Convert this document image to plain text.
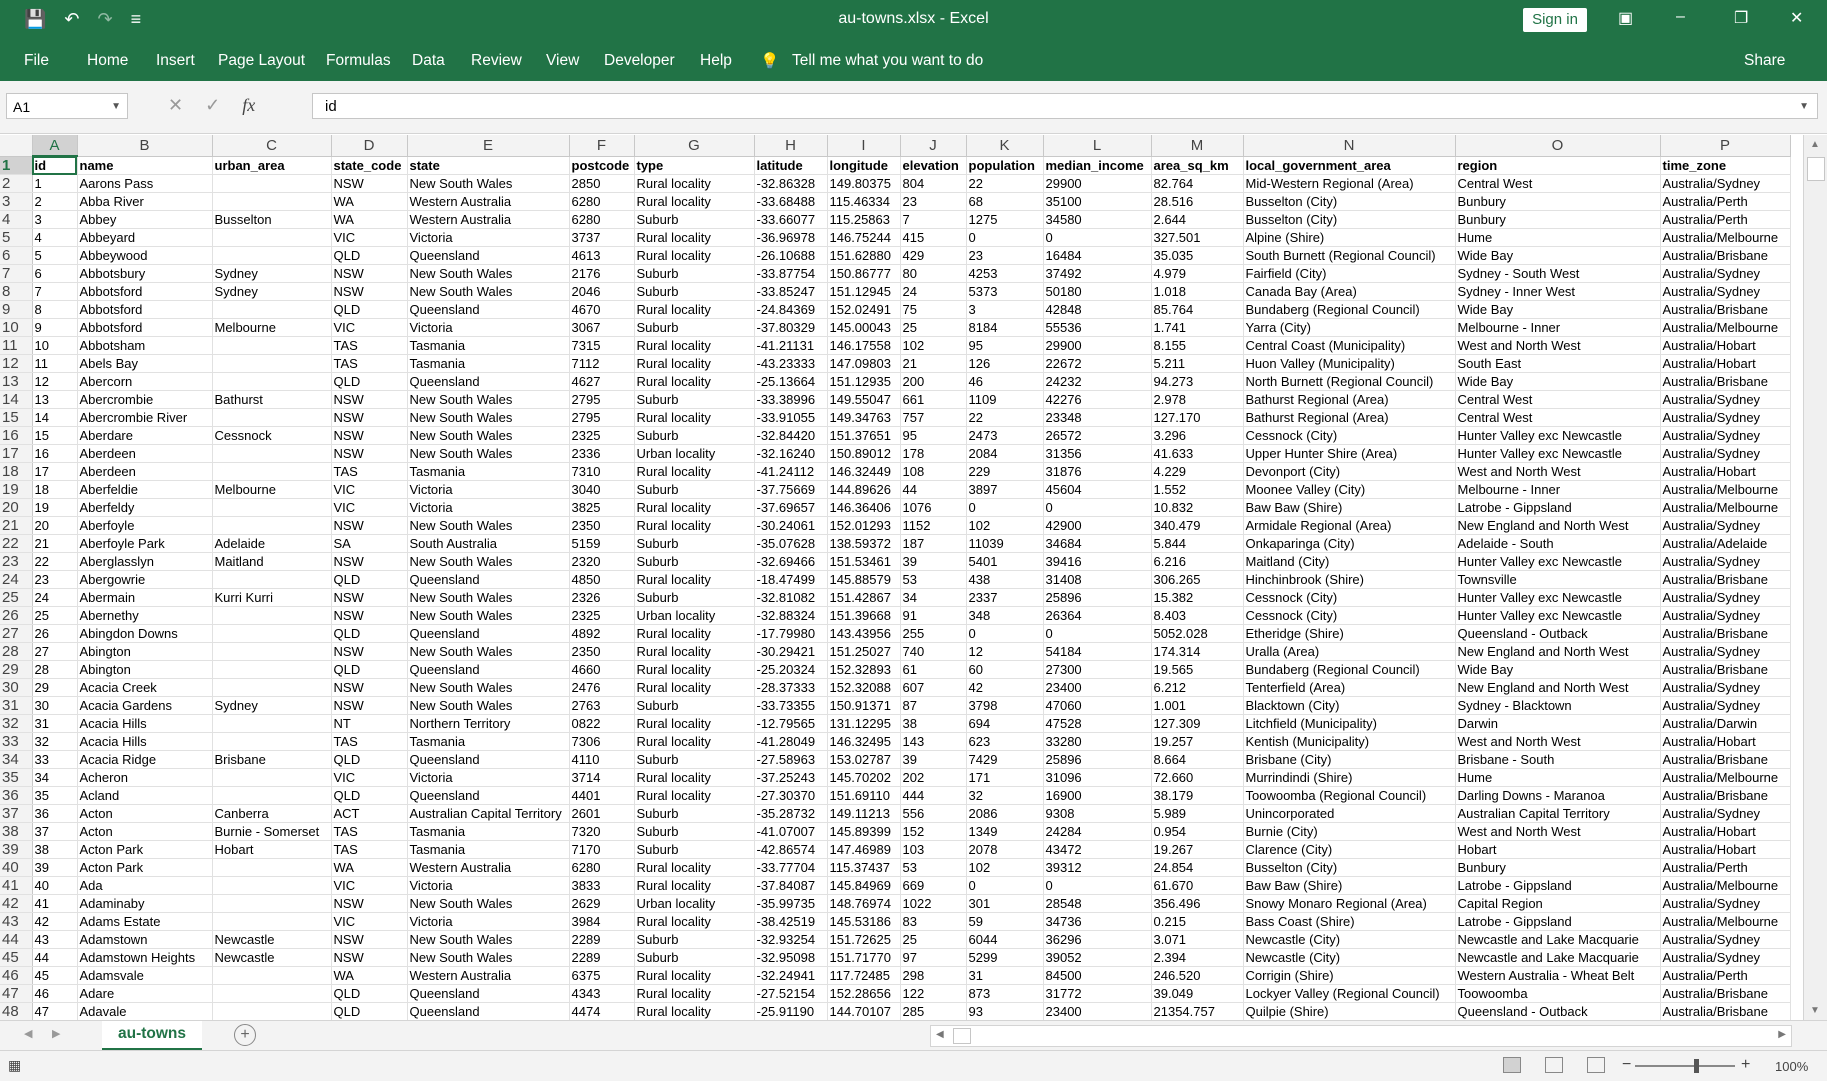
💾 ↶ ↷ ≡	au-towns.xlsx - Excel	Sign in	▣	–	❐	✕
File Home Insert Page Layout Formulas Data Review View Developer Help 💡 Tell me what you want to do	Share
A1	▼	✕ ✓ fx	id	▼
	A	B	C	D	E	F	G	H	I	J	K	L	M	N	O	P
1	id	name	urban_area	state_code	state	postcode	type	latitude	longitude	elevation	population	median_income	area_sq_km	local_government_area	region	time_zone
2	1	Aarons Pass		NSW	New South Wales	2850	Rural locality	-32.86328	149.80375	804	22	29900	82.764	Mid-Western Regional (Area)	Central West	Australia/Sydney
3	2	Abba River		WA	Western Australia	6280	Rural locality	-33.68488	115.46334	23	68	35100	28.516	Busselton (City)	Bunbury	Australia/Perth
4	3	Abbey	Busselton	WA	Western Australia	6280	Suburb	-33.66077	115.25863	7	1275	34580	2.644	Busselton (City)	Bunbury	Australia/Perth
5	4	Abbeyard		VIC	Victoria	3737	Rural locality	-36.96978	146.75244	415	0	0	327.501	Alpine (Shire)	Hume	Australia/Melbourne
6	5	Abbeywood		QLD	Queensland	4613	Rural locality	-26.10688	151.62880	429	23	16484	35.035	South Burnett (Regional Council)	Wide Bay	Australia/Brisbane
7	6	Abbotsbury	Sydney	NSW	New South Wales	2176	Suburb	-33.87754	150.86777	80	4253	37492	4.979	Fairfield (City)	Sydney - South West	Australia/Sydney
8	7	Abbotsford	Sydney	NSW	New South Wales	2046	Suburb	-33.85247	151.12945	24	5373	50180	1.018	Canada Bay (Area)	Sydney - Inner West	Australia/Sydney
9	8	Abbotsford		QLD	Queensland	4670	Rural locality	-24.84369	152.02491	75	3	42848	85.764	Bundaberg (Regional Council)	Wide Bay	Australia/Brisbane
10	9	Abbotsford	Melbourne	VIC	Victoria	3067	Suburb	-37.80329	145.00043	25	8184	55536	1.741	Yarra (City)	Melbourne - Inner	Australia/Melbourne
11	10	Abbotsham		TAS	Tasmania	7315	Rural locality	-41.21131	146.17558	102	95	29900	8.155	Central Coast (Municipality)	West and North West	Australia/Hobart
12	11	Abels Bay		TAS	Tasmania	7112	Rural locality	-43.23333	147.09803	21	126	22672	5.211	Huon Valley (Municipality)	South East	Australia/Hobart
13	12	Abercorn		QLD	Queensland	4627	Rural locality	-25.13664	151.12935	200	46	24232	94.273	North Burnett (Regional Council)	Wide Bay	Australia/Brisbane
14	13	Abercrombie	Bathurst	NSW	New South Wales	2795	Suburb	-33.38996	149.55047	661	1109	42276	2.978	Bathurst Regional (Area)	Central West	Australia/Sydney
15	14	Abercrombie River		NSW	New South Wales	2795	Rural locality	-33.91055	149.34763	757	22	23348	127.170	Bathurst Regional (Area)	Central West	Australia/Sydney
16	15	Aberdare	Cessnock	NSW	New South Wales	2325	Suburb	-32.84420	151.37651	95	2473	26572	3.296	Cessnock (City)	Hunter Valley exc Newcastle	Australia/Sydney
17	16	Aberdeen		NSW	New South Wales	2336	Urban locality	-32.16240	150.89012	178	2084	31356	41.633	Upper Hunter Shire (Area)	Hunter Valley exc Newcastle	Australia/Sydney
18	17	Aberdeen		TAS	Tasmania	7310	Rural locality	-41.24112	146.32449	108	229	31876	4.229	Devonport (City)	West and North West	Australia/Hobart
19	18	Aberfeldie	Melbourne	VIC	Victoria	3040	Suburb	-37.75669	144.89626	44	3897	45604	1.552	Moonee Valley (City)	Melbourne - Inner	Australia/Melbourne
20	19	Aberfeldy		VIC	Victoria	3825	Rural locality	-37.69657	146.36406	1076	0	0	10.832	Baw Baw (Shire)	Latrobe - Gippsland	Australia/Melbourne
21	20	Aberfoyle		NSW	New South Wales	2350	Rural locality	-30.24061	152.01293	1152	102	42900	340.479	Armidale Regional (Area)	New England and North West	Australia/Sydney
22	21	Aberfoyle Park	Adelaide	SA	South Australia	5159	Suburb	-35.07628	138.59372	187	11039	34684	5.844	Onkaparinga (City)	Adelaide - South	Australia/Adelaide
23	22	Aberglasslyn	Maitland	NSW	New South Wales	2320	Suburb	-32.69466	151.53461	39	5401	39416	6.216	Maitland (City)	Hunter Valley exc Newcastle	Australia/Sydney
24	23	Abergowrie		QLD	Queensland	4850	Rural locality	-18.47499	145.88579	53	438	31408	306.265	Hinchinbrook (Shire)	Townsville	Australia/Brisbane
25	24	Abermain	Kurri Kurri	NSW	New South Wales	2326	Suburb	-32.81082	151.42867	34	2337	25896	15.382	Cessnock (City)	Hunter Valley exc Newcastle	Australia/Sydney
26	25	Abernethy		NSW	New South Wales	2325	Urban locality	-32.88324	151.39668	91	348	26364	8.403	Cessnock (City)	Hunter Valley exc Newcastle	Australia/Sydney
27	26	Abingdon Downs		QLD	Queensland	4892	Rural locality	-17.79980	143.43956	255	0	0	5052.028	Etheridge (Shire)	Queensland - Outback	Australia/Brisbane
28	27	Abington		NSW	New South Wales	2350	Rural locality	-30.29421	151.25027	740	12	54184	174.314	Uralla (Area)	New England and North West	Australia/Sydney
29	28	Abington		QLD	Queensland	4660	Rural locality	-25.20324	152.32893	61	60	27300	19.565	Bundaberg (Regional Council)	Wide Bay	Australia/Brisbane
30	29	Acacia Creek		NSW	New South Wales	2476	Rural locality	-28.37333	152.32088	607	42	23400	6.212	Tenterfield (Area)	New England and North West	Australia/Sydney
31	30	Acacia Gardens	Sydney	NSW	New South Wales	2763	Suburb	-33.73355	150.91371	87	3798	47060	1.001	Blacktown (City)	Sydney - Blacktown	Australia/Sydney
32	31	Acacia Hills		NT	Northern Territory	0822	Rural locality	-12.79565	131.12295	38	694	47528	127.309	Litchfield (Municipality)	Darwin	Australia/Darwin
33	32	Acacia Hills		TAS	Tasmania	7306	Rural locality	-41.28049	146.32495	143	623	33280	19.257	Kentish (Municipality)	West and North West	Australia/Hobart
34	33	Acacia Ridge	Brisbane	QLD	Queensland	4110	Suburb	-27.58963	153.02787	39	7429	25896	8.664	Brisbane (City)	Brisbane - South	Australia/Brisbane
35	34	Acheron		VIC	Victoria	3714	Rural locality	-37.25243	145.70202	202	171	31096	72.660	Murrindindi (Shire)	Hume	Australia/Melbourne
36	35	Acland		QLD	Queensland	4401	Rural locality	-27.30370	151.69110	444	32	16900	38.179	Toowoomba (Regional Council)	Darling Downs - Maranoa	Australia/Brisbane
37	36	Acton	Canberra	ACT	Australian Capital Territory	2601	Suburb	-35.28732	149.11213	556	2086	9308	5.989	Unincorporated	Australian Capital Territory	Australia/Sydney
38	37	Acton	Burnie - Somerset	TAS	Tasmania	7320	Suburb	-41.07007	145.89399	152	1349	24284	0.954	Burnie (City)	West and North West	Australia/Hobart
39	38	Acton Park	Hobart	TAS	Tasmania	7170	Suburb	-42.86574	147.46989	103	2078	43472	19.267	Clarence (City)	Hobart	Australia/Hobart
40	39	Acton Park		WA	Western Australia	6280	Rural locality	-33.77704	115.37437	53	102	39312	24.854	Busselton (City)	Bunbury	Australia/Perth
41	40	Ada		VIC	Victoria	3833	Rural locality	-37.84087	145.84969	669	0	0	61.670	Baw Baw (Shire)	Latrobe - Gippsland	Australia/Melbourne
42	41	Adaminaby		NSW	New South Wales	2629	Urban locality	-35.99735	148.76974	1022	301	28548	356.496	Snowy Monaro Regional (Area)	Capital Region	Australia/Sydney
43	42	Adams Estate		VIC	Victoria	3984	Rural locality	-38.42519	145.53186	83	59	34736	0.215	Bass Coast (Shire)	Latrobe - Gippsland	Australia/Melbourne
44	43	Adamstown	Newcastle	NSW	New South Wales	2289	Suburb	-32.93254	151.72625	25	6044	36296	3.071	Newcastle (City)	Newcastle and Lake Macquarie	Australia/Sydney
45	44	Adamstown Heights	Newcastle	NSW	New South Wales	2289	Suburb	-32.95098	151.71770	97	5299	39052	2.394	Newcastle (City)	Newcastle and Lake Macquarie	Australia/Sydney
46	45	Adamsvale		WA	Western Australia	6375	Rural locality	-32.24941	117.72485	298	31	84500	246.520	Corrigin (Shire)	Western Australia - Wheat Belt	Australia/Perth
47	46	Adare		QLD	Queensland	4343	Rural locality	-27.52154	152.28656	122	873	31772	39.049	Lockyer Valley (Regional Council)	Toowoomba	Australia/Brisbane
48	47	Adavale		QLD	Queensland	4474	Rural locality	-25.91190	144.70107	285	93	23400	21354.757	Quilpie (Shire)	Queensland - Outback	Australia/Brisbane

▲
▼
◀ ▶	au-towns	+	◀	▶
▦	−	+ 100%
